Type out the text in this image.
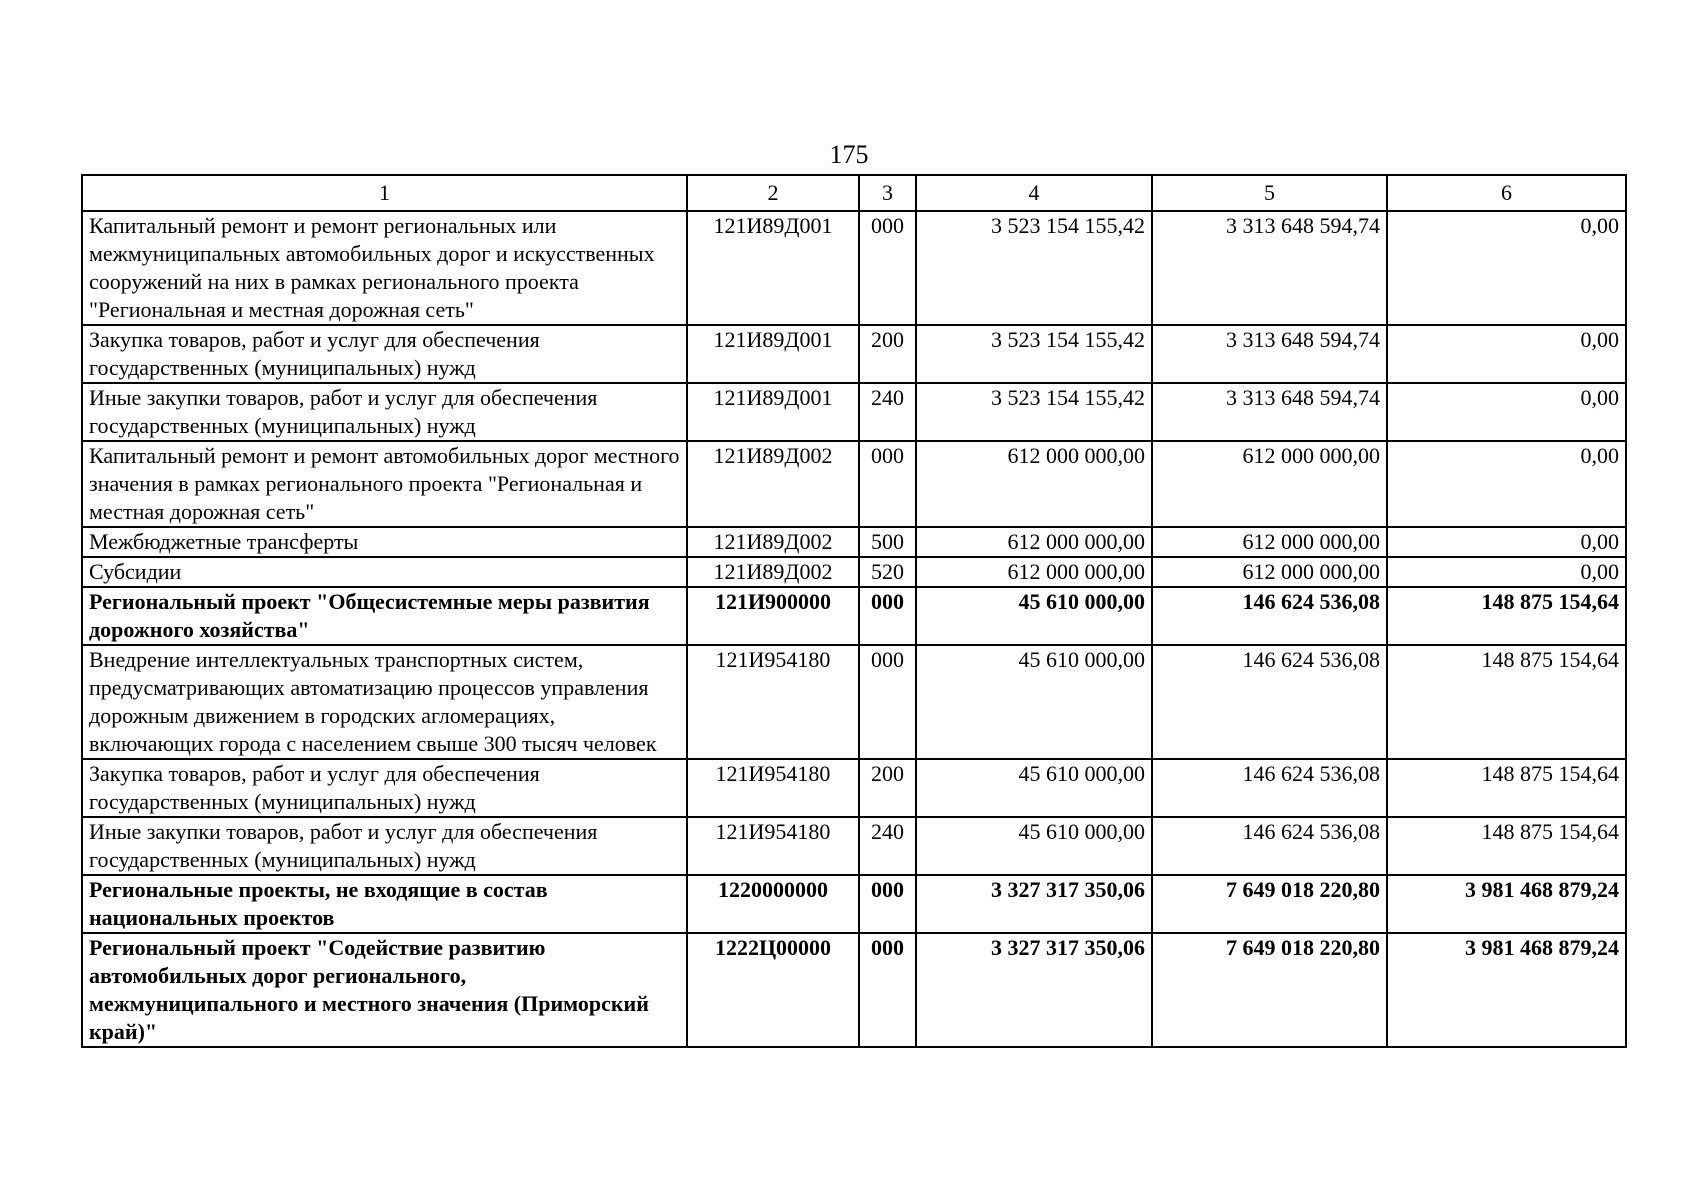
175
1	2	3	4	5	6
Капитальный ремонт и ремонт региональных или межмуниципальных автомобильных дорог и искусственных сооружений на них в рамках регионального проекта "Региональная и местная дорожная сеть"	121И89Д001	000	3 523 154 155,42	3 313 648 594,74	0,00
Закупка товаров, работ и услуг для обеспечения государственных (муниципальных) нужд	121И89Д001	200	3 523 154 155,42	3 313 648 594,74	0,00
Иные закупки товаров, работ и услуг для обеспечения государственных (муниципальных) нужд	121И89Д001	240	3 523 154 155,42	3 313 648 594,74	0,00
Капитальный ремонт и ремонт автомобильных дорог местного значения в рамках регионального проекта "Региональная и местная дорожная сеть"	121И89Д002	000	612 000 000,00	612 000 000,00	0,00
Межбюджетные трансферты	121И89Д002	500	612 000 000,00	612 000 000,00	0,00
Субсидии	121И89Д002	520	612 000 000,00	612 000 000,00	0,00
Региональный проект "Общесистемные меры развития дорожного хозяйства"	121И900000	000	45 610 000,00	146 624 536,08	148 875 154,64
Внедрение интеллектуальных транспортных систем, предусматривающих автоматизацию процессов управления дорожным движением в городских агломерациях, включающих города с населением свыше 300 тысяч человек	121И954180	000	45 610 000,00	146 624 536,08	148 875 154,64
Закупка товаров, работ и услуг для обеспечения государственных (муниципальных) нужд	121И954180	200	45 610 000,00	146 624 536,08	148 875 154,64
Иные закупки товаров, работ и услуг для обеспечения государственных (муниципальных) нужд	121И954180	240	45 610 000,00	146 624 536,08	148 875 154,64
Региональные проекты, не входящие в состав национальных проектов	1220000000	000	3 327 317 350,06	7 649 018 220,80	3 981 468 879,24
Региональный проект "Содействие развитию автомобильных дорог регионального, межмуниципального и местного значения (Приморский край)"	1222Ц00000	000	3 327 317 350,06	7 649 018 220,80	3 981 468 879,24
